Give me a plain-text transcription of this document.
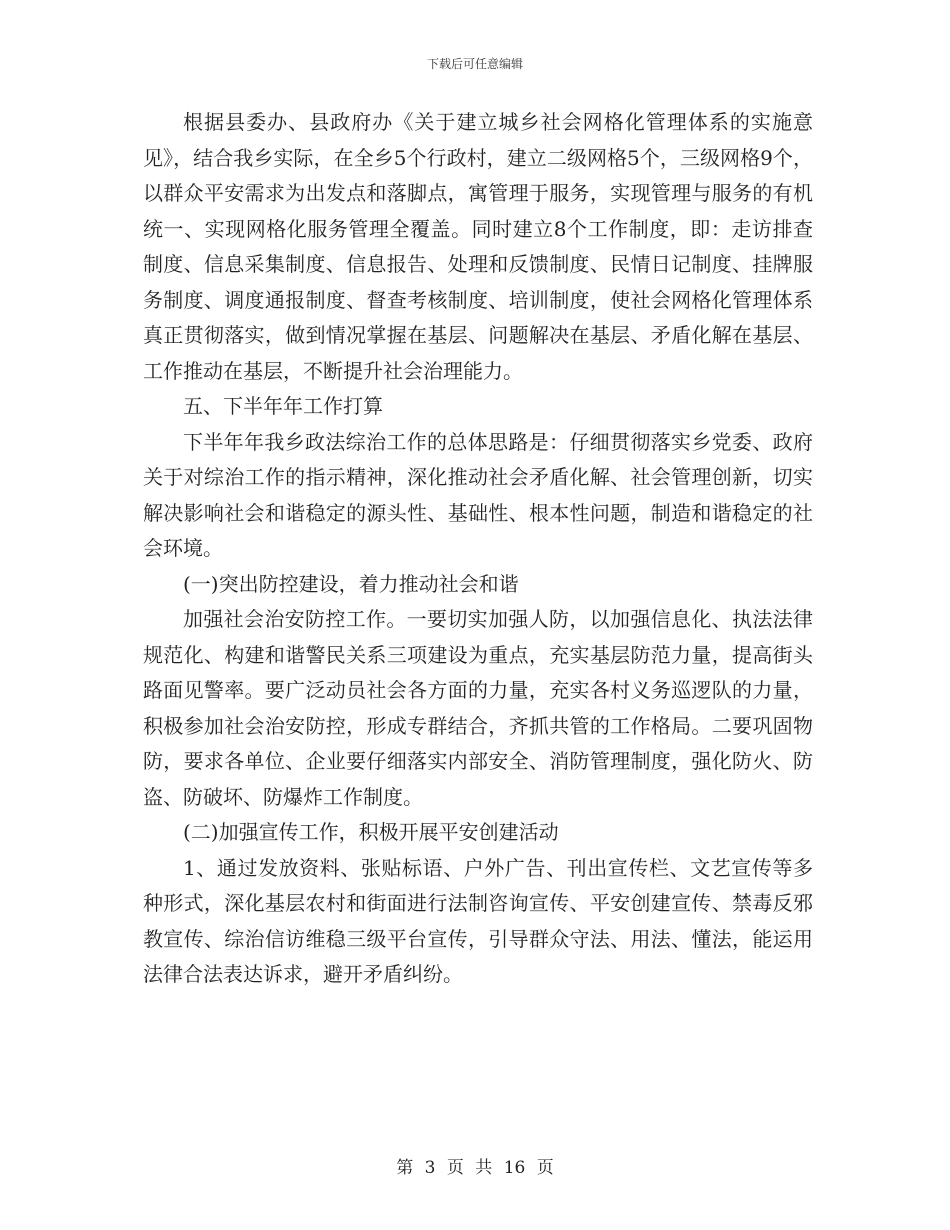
下载后可任意编辑

根据县委办、县政府办《关于建立城乡社会网格化管理体系的实施意见》，结合我乡实际，在全乡5个行政村，建立二级网格5个，三级网格9个，以群众平安需求为出发点和落脚点，寓管理于服务，实现管理与服务的有机统一、实现网格化服务管理全覆盖。同时建立8个工作制度，即：走访排查制度、信息采集制度、信息报告、处理和反馈制度、民情日记制度、挂牌服务制度、调度通报制度、督查考核制度、培训制度，使社会网格化管理体系真正贯彻落实，做到情况掌握在基层、问题解决在基层、矛盾化解在基层、工作推动在基层，不断提升社会治理能力。

五、下半年年工作打算

下半年年我乡政法综治工作的总体思路是：仔细贯彻落实乡党委、政府关于对综治工作的指示精神，深化推动社会矛盾化解、社会管理创新，切实解决影响社会和谐稳定的源头性、基础性、根本性问题，制造和谐稳定的社会环境。

(一)突出防控建设，着力推动社会和谐

加强社会治安防控工作。一要切实加强人防，以加强信息化、执法法律规范化、构建和谐警民关系三项建设为重点，充实基层防范力量，提高街头路面见警率。要广泛动员社会各方面的力量，充实各村义务巡逻队的力量，积极参加社会治安防控，形成专群结合，齐抓共管的工作格局。二要巩固物防，要求各单位、企业要仔细落实内部安全、消防管理制度，强化防火、防盗、防破坏、防爆炸工作制度。

(二)加强宣传工作，积极开展平安创建活动

1、通过发放资料、张贴标语、户外广告、刊出宣传栏、文艺宣传等多种形式，深化基层农村和街面进行法制咨询宣传、平安创建宣传、禁毒反邪教宣传、综治信访维稳三级平台宣传，引导群众守法、用法、懂法，能运用法律合法表达诉求，避开矛盾纠纷。

第 3 页 共 16 页
